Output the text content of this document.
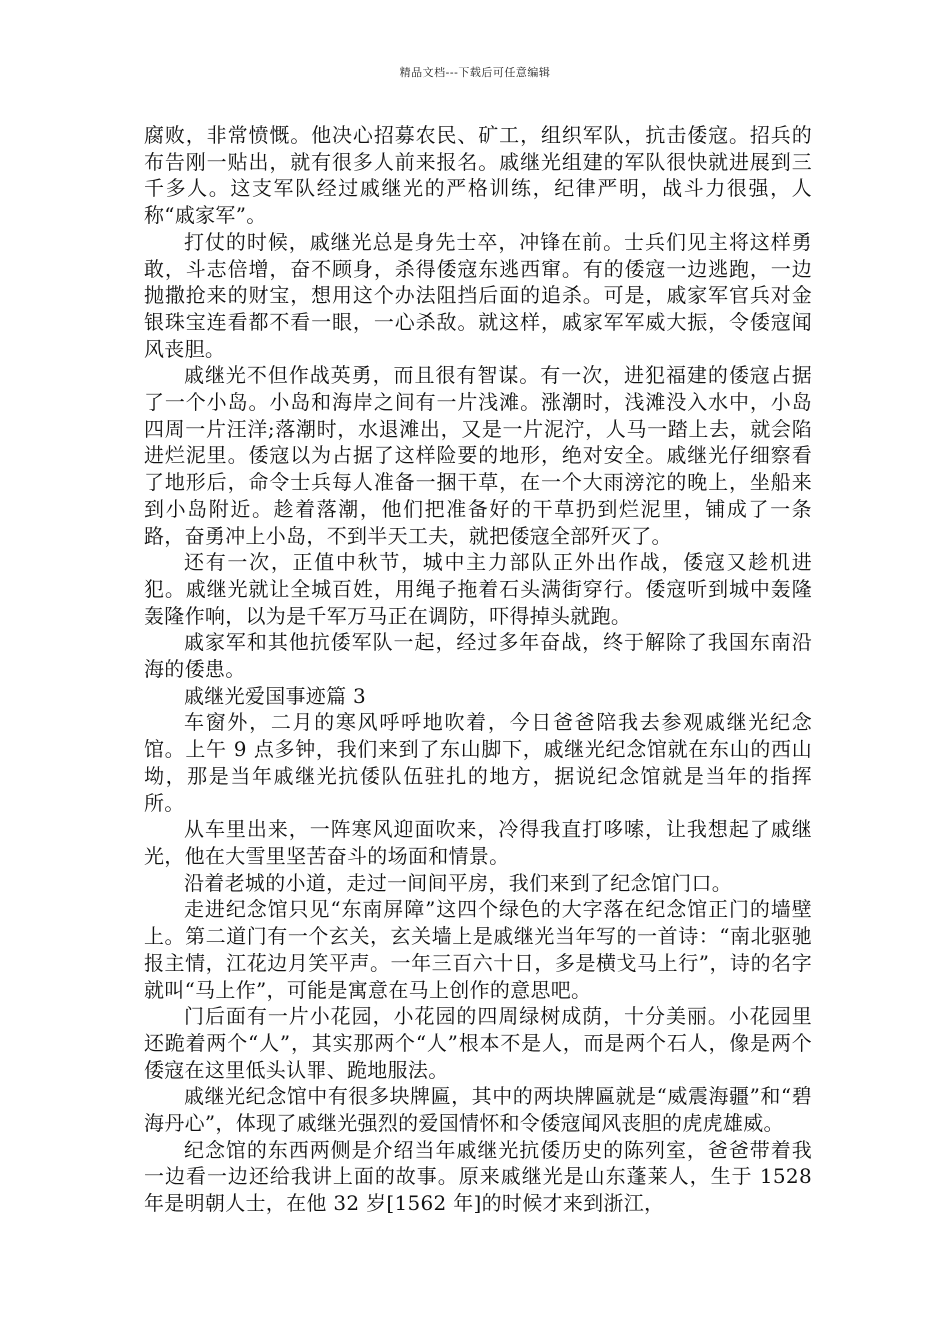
精品文档---下载后可任意编辑

腐败，非常愤慨。他决心招募农民、矿工，组织军队，抗击倭寇。招兵的布告刚一贴出，就有很多人前来报名。戚继光组建的军队很快就进展到三千多人。这支军队经过戚继光的严格训练，纪律严明，战斗力很强，人称“戚家军”。

打仗的时候，戚继光总是身先士卒，冲锋在前。士兵们见主将这样勇敢，斗志倍增，奋不顾身，杀得倭寇东逃西窜。有的倭寇一边逃跑，一边抛撒抢来的财宝，想用这个办法阻挡后面的追杀。可是，戚家军官兵对金银珠宝连看都不看一眼，一心杀敌。就这样，戚家军军威大振，令倭寇闻风丧胆。

戚继光不但作战英勇，而且很有智谋。有一次，进犯福建的倭寇占据了一个小岛。小岛和海岸之间有一片浅滩。涨潮时，浅滩没入水中，小岛四周一片汪洋;落潮时，水退滩出，又是一片泥泞，人马一踏上去，就会陷进烂泥里。倭寇以为占据了这样险要的地形，绝对安全。戚继光仔细察看了地形后，命令士兵每人准备一捆干草，在一个大雨滂沱的晚上，坐船来到小岛附近。趁着落潮，他们把准备好的干草扔到烂泥里，铺成了一条路，奋勇冲上小岛，不到半天工夫，就把倭寇全部歼灭了。

还有一次，正值中秋节，城中主力部队正外出作战，倭寇又趁机进犯。戚继光就让全城百姓，用绳子拖着石头满街穿行。倭寇听到城中轰隆轰隆作响，以为是千军万马正在调防，吓得掉头就跑。

戚家军和其他抗倭军队一起，经过多年奋战，终于解除了我国东南沿海的倭患。

戚继光爱国事迹篇 3

车窗外，二月的寒风呼呼地吹着，今日爸爸陪我去参观戚继光纪念馆。上午 9 点多钟，我们来到了东山脚下，戚继光纪念馆就在东山的西山坳，那是当年戚继光抗倭队伍驻扎的地方，据说纪念馆就是当年的指挥所。

从车里出来，一阵寒风迎面吹来，冷得我直打哆嗦，让我想起了戚继光，他在大雪里坚苦奋斗的场面和情景。

沿着老城的小道，走过一间间平房，我们来到了纪念馆门口。

走进纪念馆只见“东南屏障”这四个绿色的大字落在纪念馆正门的墙壁上。第二道门有一个玄关，玄关墙上是戚继光当年写的一首诗：“南北驱驰报主情，江花边月笑平声。一年三百六十日，多是横戈马上行”，诗的名字就叫“马上作”，可能是寓意在马上创作的意思吧。

门后面有一片小花园，小花园的四周绿树成荫，十分美丽。小花园里还跪着两个“人”，其实那两个“人”根本不是人，而是两个石人，像是两个倭寇在这里低头认罪、跪地服法。

戚继光纪念馆中有很多块牌匾，其中的两块牌匾就是“威震海疆”和“碧海丹心”，体现了戚继光强烈的爱国情怀和令倭寇闻风丧胆的虎虎雄威。

纪念馆的东西两侧是介绍当年戚继光抗倭历史的陈列室，爸爸带着我一边看一边还给我讲上面的故事。原来戚继光是山东蓬莱人，生于 1528 年是明朝人士，在他 32 岁[1562 年]的时候才来到浙江，
